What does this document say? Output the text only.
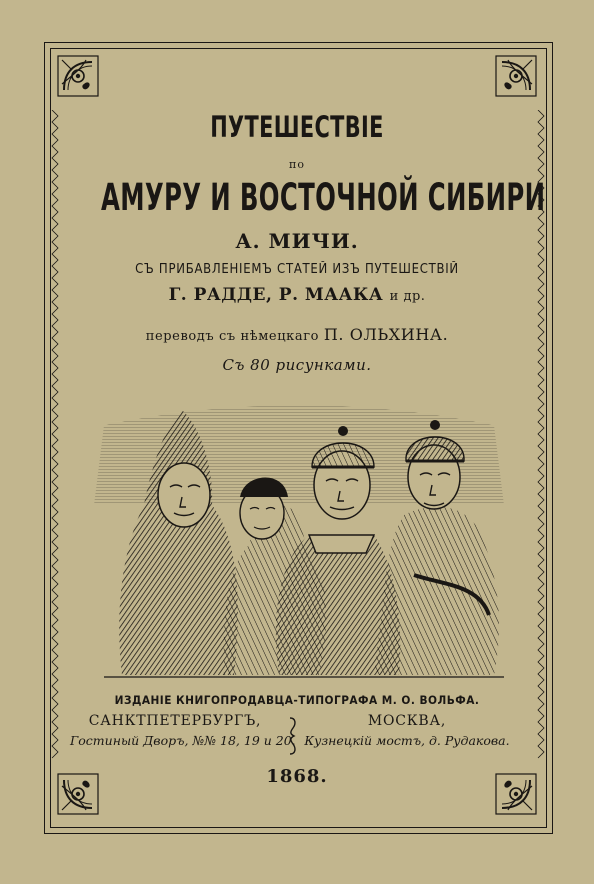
ПУТЕШЕСТВІЕ
по
АМУРУ И ВОСТОЧНОЙ СИБИРИ
А. МИЧИ.
СЪ ПРИБАВЛЕНІЕМЪ СТАТЕЙ ИЗЪ ПУТЕШЕСТВІЙ
Г. РАДДЕ, Р. МААКА и др.
переводъ съ нѣмецкаго П. ОЛЬХИНА.
Съ 80 рисунками.
ИЗДАНІЕ КНИГОПРОДАВЦА-ТИПОГРАФА М. О. ВОЛЬФА.
САНКТПЕТЕРБУРГЪ,
Гостиный Дворъ, №№ 18, 19 и 20.
МОСКВА,
Кузнецкій мостъ, д. Рудакова.
1868.
